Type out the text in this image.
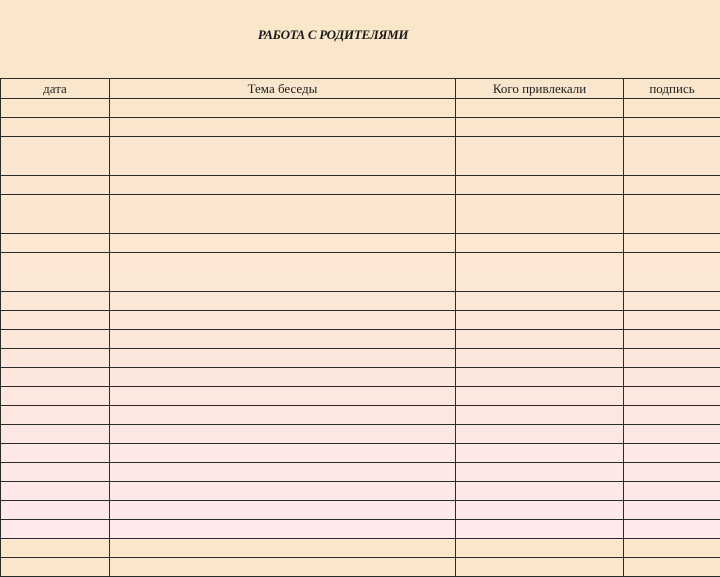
РАБОТА С РОДИТЕЛЯМИ
дата	Тема беседы	Кого привлекали	подпись
